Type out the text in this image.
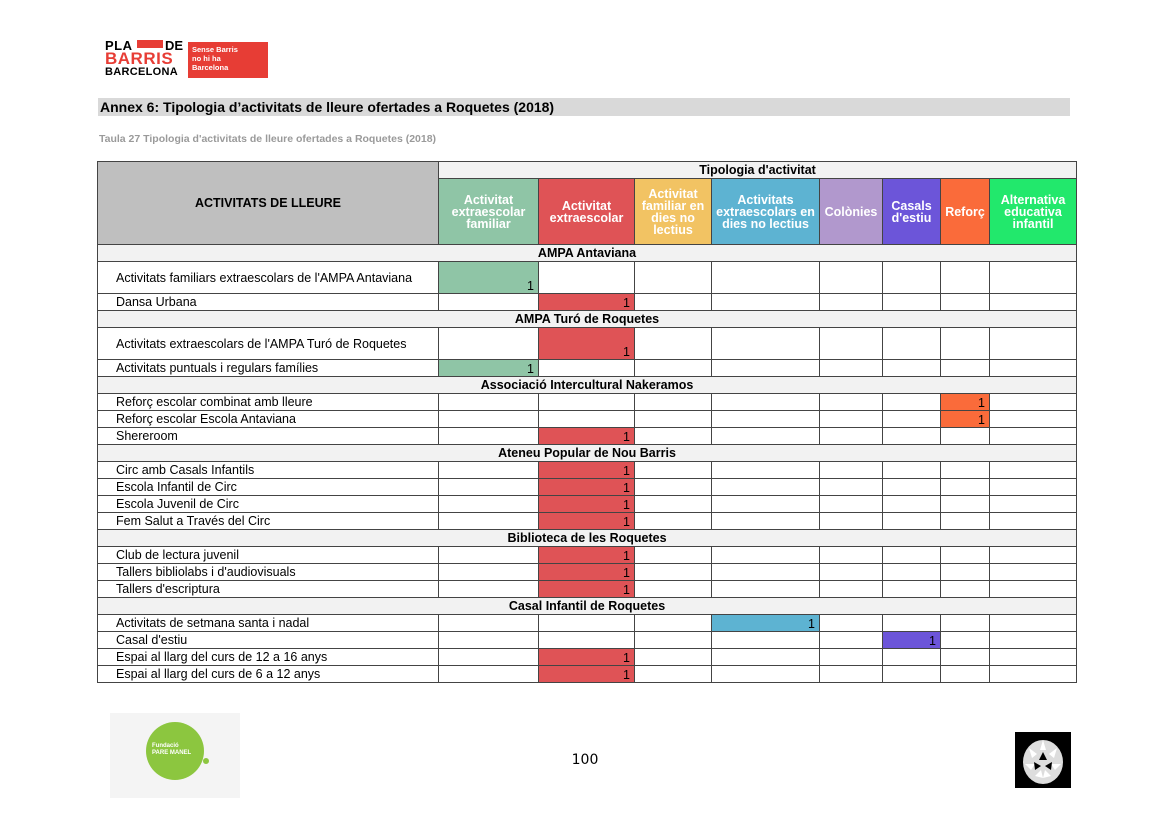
PLA	DE
BARRIS
BARCELONA
Sense Barris
no hi ha
Barcelona
Annex 6: Tipologia d’activitats de lleure ofertades a Roquetes (2018)
Taula 27 Tipologia d'activitats de lleure ofertades a Roquetes (2018)
ACTIVITATS DE LLEURE	Tipologia d'activitat							
	Activitat extraescolar familiar	Activitat extraescolar	Activitat familiar en dies no lectius	Activitats extraescolars en dies no lectius	Colònies	Casals d'estiu	Reforç	Alternativa educativa infantil
AMPA Antaviana								
Activitats familiars extraescolars de l'AMPA Antaviana	1							
Dansa Urbana		1						
AMPA Turó de Roquetes								
Activitats extraescolars de l'AMPA Turó de Roquetes		1						
Activitats puntuals i regulars famílies	1							
Associació Intercultural Nakeramos								
Reforç escolar combinat amb lleure							1	
Reforç escolar Escola Antaviana							1	
Shereroom		1						
Ateneu Popular de Nou Barris								
Circ amb Casals Infantils		1						
Escola Infantil de Circ		1						
Escola Juvenil de Circ		1						
Fem Salut a Través del Circ		1						
Biblioteca de les Roquetes								
Club de lectura juvenil		1						
Tallers bibliolabs i d'audiovisuals		1						
Tallers d'escriptura		1						
Casal Infantil de Roquetes								
Activitats de setmana santa i nadal				1				
Casal d'estiu						1		
Espai al llarg del curs de 12 a 16 anys		1						
Espai al llarg del curs de 6 a 12 anys		1						
Fundació
PARE MANEL	100
